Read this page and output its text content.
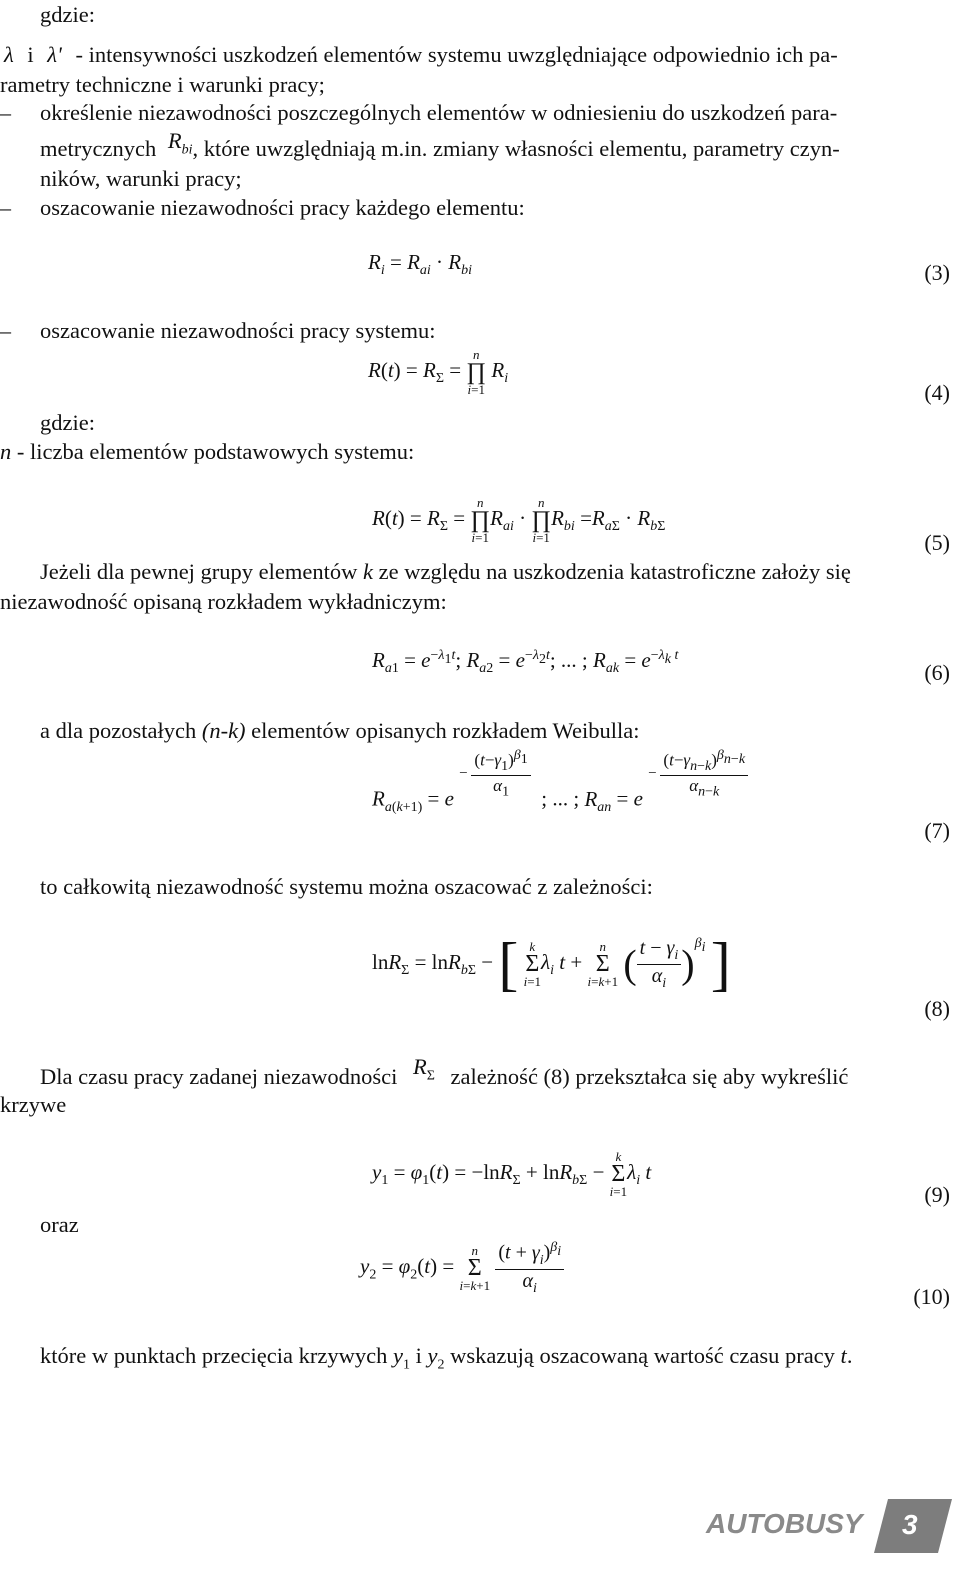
gdzie:
λ i λ' - intensywności uszkodzeń elementów systemu uwzględniające odpowiednio ich pa-
rametry techniczne i warunki pracy;
– określenie niezawodności poszczególnych elementów w odniesieniu do uszkodzeń para-
metrycznych $R_{bi}$, które uwzględniają m.in. zmiany własności elementu, parametry czyn-
ników, warunki pracy;
– oszacowanie niezawodności pracy każdego elementu:
$R_i = R_{ai} \cdot R_{bi}$	(3)
– oszacowanie niezawodności pracy systemu:
$R(t) = R_\Sigma$ =
n
∏
i=1
$R_i$
(4)
gdzie:
n - liczba elementów podstawowych systemu:
$R(t) = R_\Sigma$ =
n
∏
i=1
$R_{ai}$ ·
n
∏
i=1
$R_{bi} =R_{a\Sigma} \cdot R_{b\Sigma}$
(5)
Jeżeli dla pewnej grupy elementów k ze względu na uszkodzenia katastroficzne założy się
niezawodność opisaną rozkładem wykładniczym:
$R_{a1} = e^{-\lambda_1t}$; $R_{a2} = e^{-\lambda_2t}$; ... ; $R_{ak} = e^{-\lambda_k t}$
(6)
a dla pozostałych (n-k) elementów opisanych rozkładem Weibulla:
$R_{a(k+1)} = e - \frac{(t-\gamma_1)^{\beta_1}}{\alpha_1}$ ; ... ; $R_{an} = e - \frac{(t-\gamma_{n-k})^{\beta_{n-k}}}{\alpha_{n-k}}$
(7)
to całkowitą niezawodność systemu można oszacować z zależności:
lnR$_\Sigma$ = lnR$_{b\Sigma}$ − [ k
Σ
i=1
$\lambda_i$ t +
n
Σ
i=k+1 ( $\frac{t - \gamma_i}{\alpha_i} )^{\beta_i}$ ]
(8)
Dla czasu pracy zadanej niezawodności $R_\Sigma$ zależność (8) przekształca się aby wykreślić
krzywe
$y_1 = \varphi_1(t) = -\ln R_\Sigma + \ln R_{b\Sigma}$ −
k
Σ
i=1
$\lambda_i$ t
(9)
oraz
$y_2 = \varphi_2(t)$ =
n
Σ
i=k+1
$\frac{(t + \gamma_i)^{\beta_i}}{\alpha_i}$	(10)
które w punktach przecięcia krzywych $y_1$ i $y_2$ wskazują oszacowaną wartość czasu pracy t.
AUTOBUSY 3
